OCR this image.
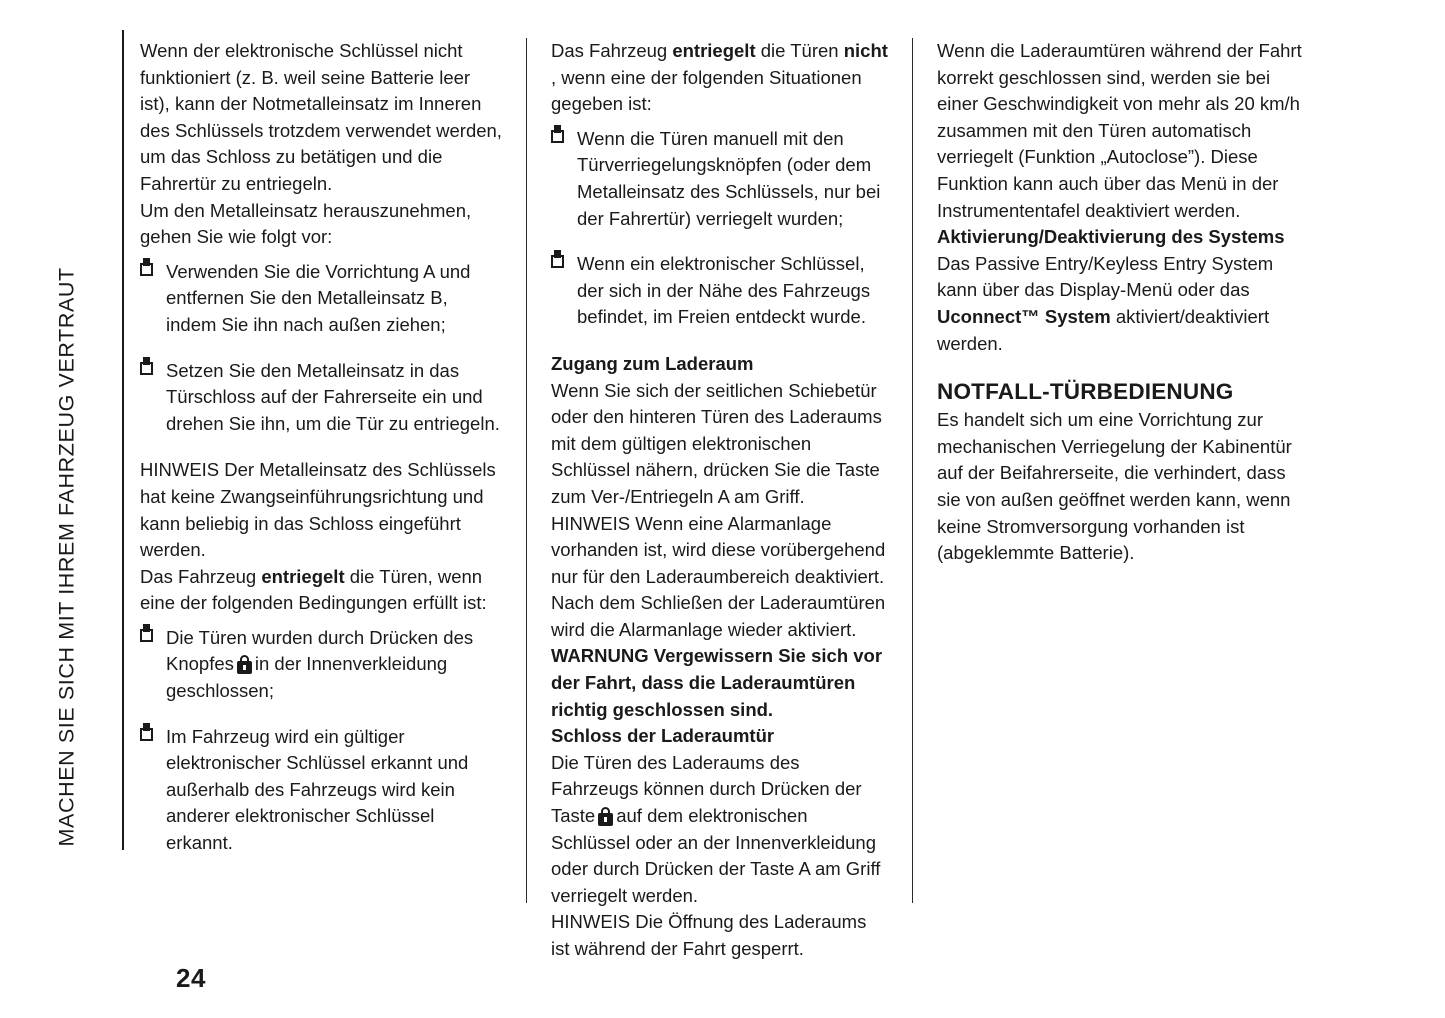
MACHEN SIE SICH MIT IHREM FAHRZEUG VERTRAUT

Wenn der elektronische Schlüssel nicht funktioniert (z. B. weil seine Batterie leer ist), kann der Notmetalleinsatz im Inneren des Schlüssels trotzdem verwendet werden, um das Schloss zu betätigen und die Fahrertür zu entriegeln.

Um den Metalleinsatz herauszunehmen, gehen Sie wie folgt vor:

Verwenden Sie die Vorrichtung A und entfernen Sie den Metalleinsatz B, indem Sie ihn nach außen ziehen;
Setzen Sie den Metalleinsatz in das Türschloss auf der Fahrerseite ein und drehen Sie ihn, um die Tür zu entriegeln.

HINWEIS Der Metalleinsatz des Schlüssels hat keine Zwangseinführungsrichtung und kann beliebig in das Schloss eingeführt werden.

Das Fahrzeug entriegelt die Türen, wenn eine der folgenden Bedingungen erfüllt ist:

Die Türen wurden durch Drücken des Knopfes in der Innenverkleidung geschlossen;
Im Fahrzeug wird ein gültiger elektronischer Schlüssel erkannt und außerhalb des Fahrzeugs wird kein anderer elektronischer Schlüssel erkannt.

Das Fahrzeug entriegelt die Türen nicht , wenn eine der folgenden Situationen gegeben ist:

Wenn die Türen manuell mit den Türverriegelungsknöpfen (oder dem Metalleinsatz des Schlüssels, nur bei der Fahrertür) verriegelt wurden;
Wenn ein elektronischer Schlüssel, der sich in der Nähe des Fahrzeugs befindet, im Freien entdeckt wurde.
Zugang zum Laderaum

Wenn Sie sich der seitlichen Schiebetür oder den hinteren Türen des Laderaums mit dem gültigen elektronischen Schlüssel nähern, drücken Sie die Taste zum Ver-/Entriegeln A am Griff.

HINWEIS Wenn eine Alarmanlage vorhanden ist, wird diese vorübergehend nur für den Laderaumbereich deaktiviert. Nach dem Schließen der Laderaumtüren wird die Alarmanlage wieder aktiviert.

WARNUNG Vergewissern Sie sich vor der Fahrt, dass die Laderaumtüren richtig geschlossen sind.

Schloss der Laderaumtür

Die Türen des Laderaums des Fahrzeugs können durch Drücken der Taste auf dem elektronischen Schlüssel oder an der Innenverkleidung oder durch Drücken der Taste A am Griff verriegelt werden.

HINWEIS Die Öffnung des Laderaums ist während der Fahrt gesperrt.

Wenn die Laderaumtüren während der Fahrt korrekt geschlossen sind, werden sie bei einer Geschwindigkeit von mehr als 20 km/h zusammen mit den Türen automatisch verriegelt (Funktion „Autoclose”). Diese Funktion kann auch über das Menü in der Instrumententafel deaktiviert werden.

Aktivierung/Deaktivierung des Systems

Das Passive Entry/Keyless Entry System kann über das Display-Menü oder das Uconnect™ System aktiviert/deaktiviert werden.

NOTFALL-TÜRBEDIENUNG

Es handelt sich um eine Vorrichtung zur mechanischen Verriegelung der Kabinentür auf der Beifahrerseite, die verhindert, dass sie von außen geöffnet werden kann, wenn keine Stromversorgung vorhanden ist (abgeklemmte Batterie).

24
